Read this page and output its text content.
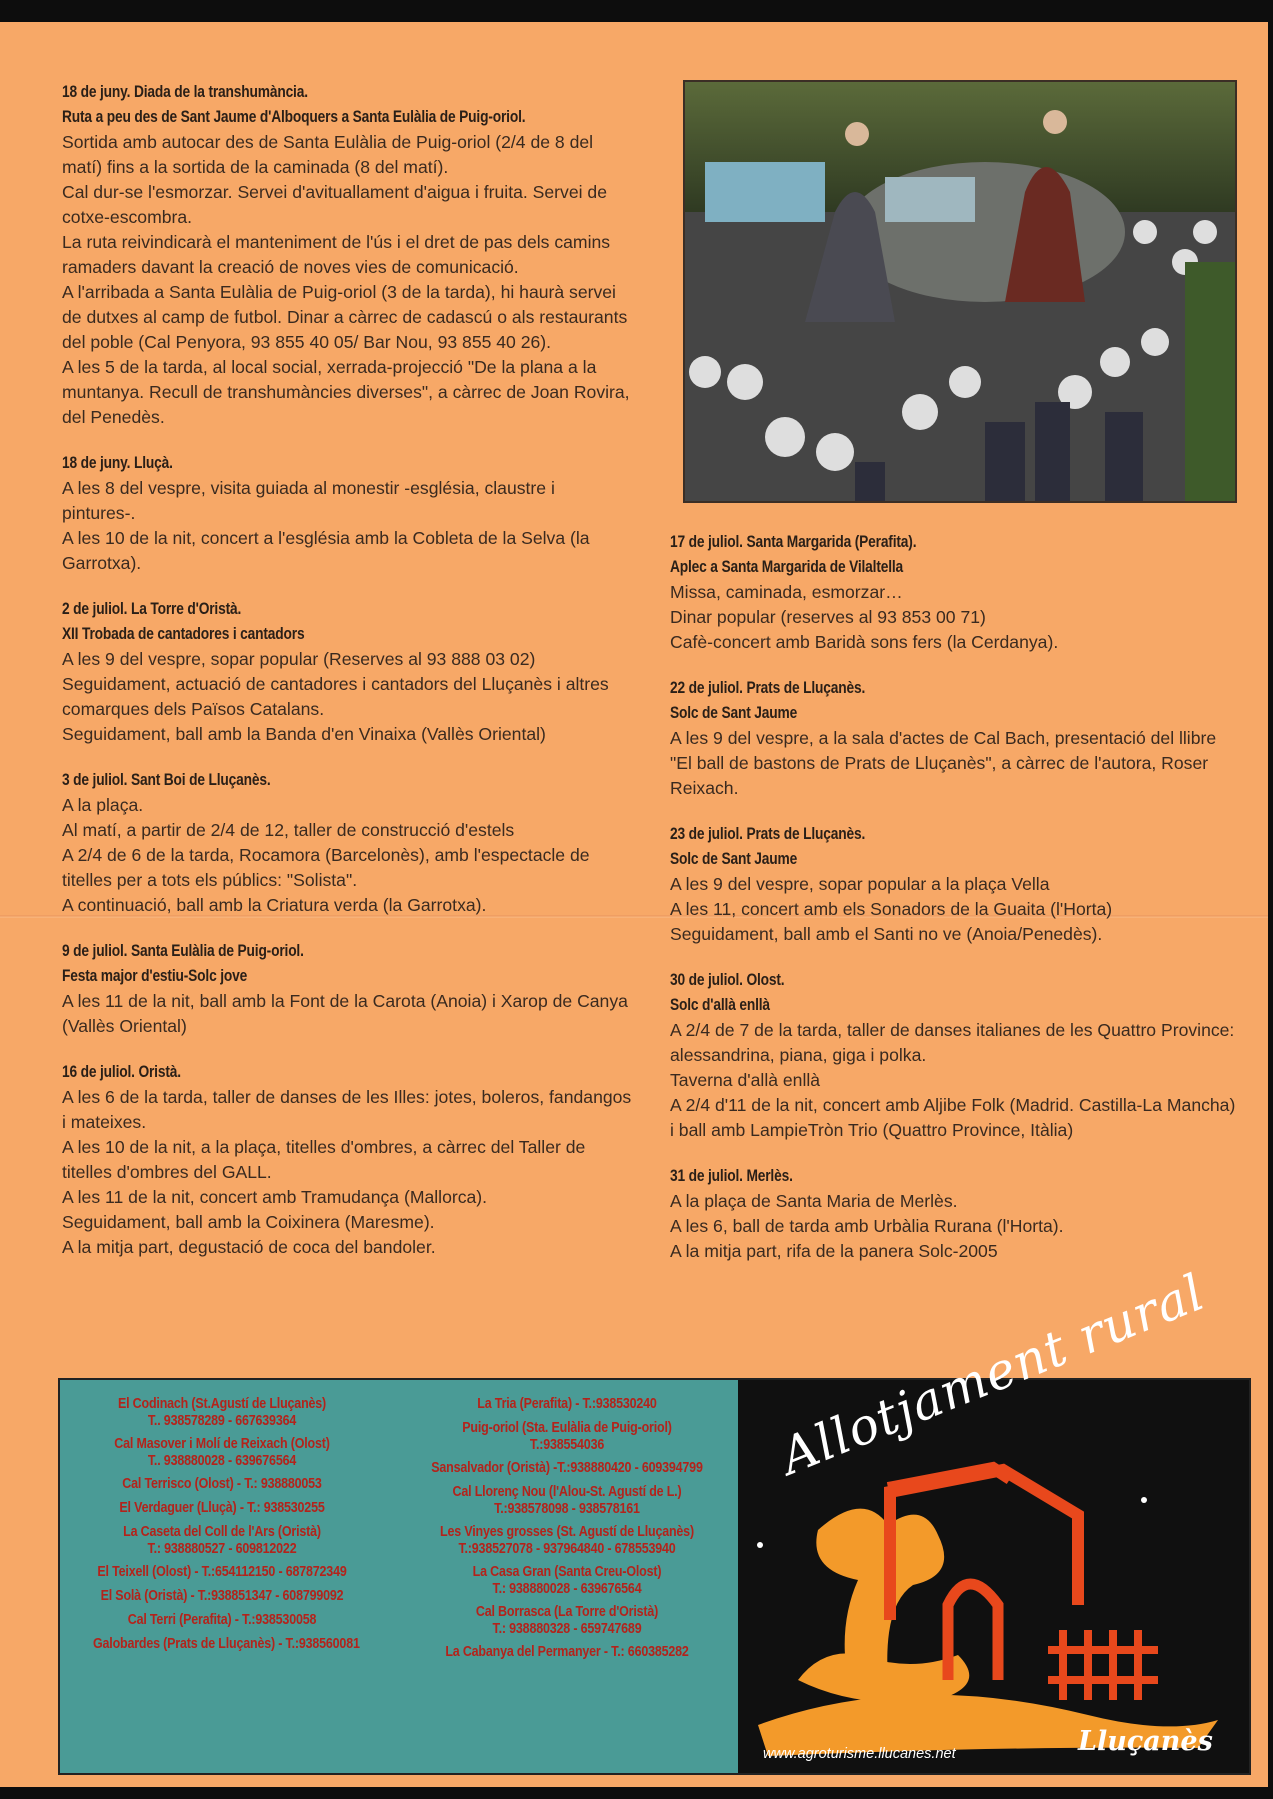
18 de juny. Diada de la transhumància.
Ruta a peu des de Sant Jaume d'Alboquers a Santa Eulàlia de Puig-oriol.
Sortida amb autocar des de Santa Eulàlia de Puig-oriol (2/4 de 8 del matí) fins a la sortida de la caminada (8 del matí).
Cal dur-se l'esmorzar. Servei d'avituallament d'aigua i fruita. Servei de cotxe-escombra.
La ruta reivindicarà el manteniment de l'ús i el dret de pas dels camins ramaders davant la creació de noves vies de comunicació.
A l'arribada a Santa Eulàlia de Puig-oriol (3 de la tarda), hi haurà servei de dutxes al camp de futbol. Dinar a càrrec de cadascú o als restaurants del poble (Cal Penyora, 93 855 40 05/ Bar Nou, 93 855 40 26).
A les 5 de la tarda, al local social, xerrada-projecció "De la plana a la muntanya. Recull de transhumàncies diverses", a càrrec de Joan Rovira, del Penedès.
18 de juny. Lluçà.
A les 8 del vespre, visita guiada al monestir -església, claustre i pintures-.
A les 10 de la nit, concert a l'església amb la Cobleta de la Selva (la Garrotxa).
2 de juliol. La Torre d'Oristà.
XII Trobada de cantadores i cantadors
A les 9 del vespre, sopar popular (Reserves al 93 888 03 02)
Seguidament, actuació de cantadores i cantadors del Lluçanès i altres comarques dels Països Catalans.
Seguidament, ball amb la Banda d'en Vinaixa (Vallès Oriental)
3 de juliol. Sant Boi de Lluçanès.
A la plaça.
Al matí, a partir de 2/4 de 12, taller de construcció d'estels
A 2/4 de 6 de la tarda, Rocamora (Barcelonès), amb l'espectacle de titelles per a tots els públics: "Solista".
A continuació, ball amb la Criatura verda (la Garrotxa).
9 de juliol. Santa Eulàlia de Puig-oriol.
Festa major d'estiu-Solc jove
A les 11 de la nit, ball amb la Font de la Carota (Anoia) i Xarop de Canya (Vallès Oriental)
16 de juliol. Oristà.
A les 6 de la tarda, taller de danses de les Illes: jotes, boleros, fandangos i mateixes.
A les 10 de la nit, a la plaça, titelles d'ombres, a càrrec del Taller de titelles d'ombres del GALL.
A les 11 de la nit, concert amb Tramudança (Mallorca).
Seguidament, ball amb la Coixinera (Maresme).
A la mitja part, degustació de coca del bandoler.
17 de juliol. Santa Margarida (Perafita).
Aplec a Santa Margarida de Vilaltella
Missa, caminada, esmorzar…
Dinar popular (reserves al 93 853 00 71)
Cafè-concert amb Baridà sons fers (la Cerdanya).
22 de juliol. Prats de Lluçanès.
Solc de Sant Jaume
A les 9 del vespre, a la sala d'actes de Cal Bach, presentació del llibre "El ball de bastons de Prats de Lluçanès", a càrrec de l'autora, Roser Reixach.
23 de juliol. Prats de Lluçanès.
Solc de Sant Jaume
A les 9 del vespre, sopar popular a la plaça Vella
A les 11, concert amb els Sonadors de la Guaita (l'Horta)
Seguidament, ball amb el Santi no ve (Anoia/Penedès).
30 de juliol. Olost.
Solc d'allà enllà
A 2/4 de 7 de la tarda, taller de danses italianes de les Quattro Province: alessandrina, piana, giga i polka.
Taverna d'allà enllà
A 2/4 d'11 de la nit, concert amb Aljibe Folk (Madrid. Castilla-La Mancha) i ball amb LampieTròn Trio (Quattro Province, Itàlia)
31 de juliol. Merlès.
A la plaça de Santa Maria de Merlès.
A les 6, ball de tarda amb Urbàlia Rurana (l'Horta).
A la mitja part, rifa de la panera Solc-2005
El Codinach (St.Agustí de Lluçanès)
T.. 938578289 - 667639364
Cal Masover i Molí de Reixach (Olost)
T.. 938880028 - 639676564
Cal Terrisco (Olost) - T.: 938880053
El Verdaguer (Lluçà) - T.: 938530255
La Caseta del Coll de l'Ars (Oristà)
T.: 938880527 - 609812022
El Teixell (Olost) - T.:654112150 - 687872349
El Solà (Oristà) - T.:938851347 - 608799092
Cal Terri (Perafita) - T.:938530058
Galobardes (Prats de Lluçanès) - T.:938560081
La Tria (Perafita) - T.:938530240
Puig-oriol (Sta. Eulàlia de Puig-oriol)
T.:938554036
Sansalvador (Oristà) -T.:938880420 - 609394799
Cal Llorenç Nou (l'Alou-St. Agustí de L.)
T.:938578098 - 938578161
Les Vinyes grosses (St. Agustí de Lluçanès)
T.:938527078 - 937964840 - 678553940
La Casa Gran (Santa Creu-Olost)
T.: 938880028 - 639676564
Cal Borrasca (La Torre d'Oristà)
T.: 938880328 - 659747689
La Cabanya del Permanyer - T.: 660385282
Allotjament rural
www.agroturisme.llucanes.net	Lluçanès
